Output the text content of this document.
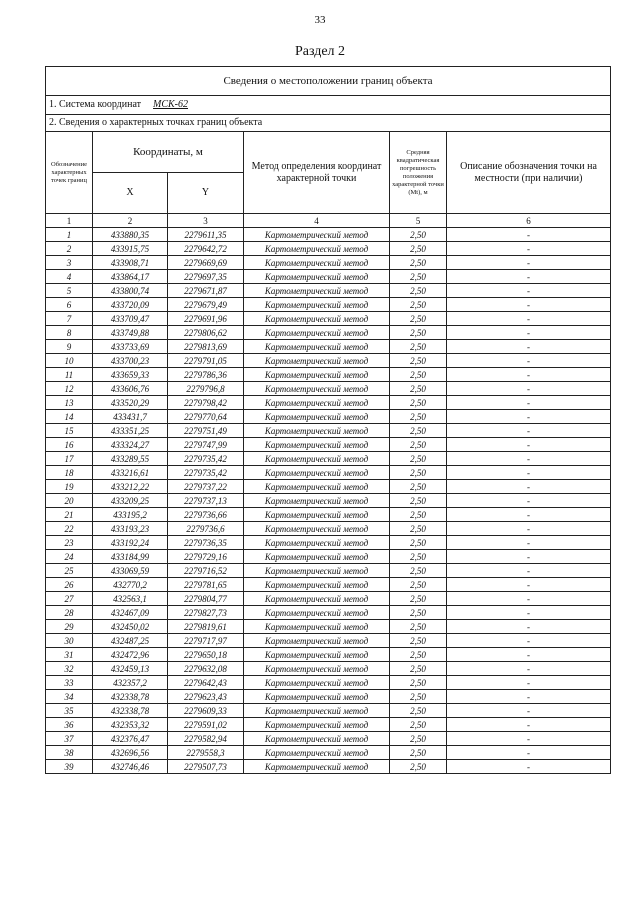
33
Раздел 2
Сведения о местоположении границ объекта					
1. Система координат МСК-62					
2. Сведения о характерных точках границ объекта					
Обозначение характерных точек границ	Координаты, м		Метод определения координат характерной точки	Средняя квадратическая погрешность положения характерной точки (Mt), м	Описание обозначения точки на местности (при наличии)
	X	Y			
1	2	3	4	5	6
1	433880,35	2279611,35	Картометрический метод	2,50	-
2	433915,75	2279642,72	Картометрический метод	2,50	-
3	433908,71	2279669,69	Картометрический метод	2,50	-
4	433864,17	2279697,35	Картометрический метод	2,50	-
5	433800,74	2279671,87	Картометрический метод	2,50	-
6	433720,09	2279679,49	Картометрический метод	2,50	-
7	433709,47	2279691,96	Картометрический метод	2,50	-
8	433749,88	2279806,62	Картометрический метод	2,50	-
9	433733,69	2279813,69	Картометрический метод	2,50	-
10	433700,23	2279791,05	Картометрический метод	2,50	-
11	433659,33	2279786,36	Картометрический метод	2,50	-
12	433606,76	2279796,8	Картометрический метод	2,50	-
13	433520,29	2279798,42	Картометрический метод	2,50	-
14	433431,7	2279770,64	Картометрический метод	2,50	-
15	433351,25	2279751,49	Картометрический метод	2,50	-
16	433324,27	2279747,99	Картометрический метод	2,50	-
17	433289,55	2279735,42	Картометрический метод	2,50	-
18	433216,61	2279735,42	Картометрический метод	2,50	-
19	433212,22	2279737,22	Картометрический метод	2,50	-
20	433209,25	2279737,13	Картометрический метод	2,50	-
21	433195,2	2279736,66	Картометрический метод	2,50	-
22	433193,23	2279736,6	Картометрический метод	2,50	-
23	433192,24	2279736,35	Картометрический метод	2,50	-
24	433184,99	2279729,16	Картометрический метод	2,50	-
25	433069,59	2279716,52	Картометрический метод	2,50	-
26	432770,2	2279781,65	Картометрический метод	2,50	-
27	432563,1	2279804,77	Картометрический метод	2,50	-
28	432467,09	2279827,73	Картометрический метод	2,50	-
29	432450,02	2279819,61	Картометрический метод	2,50	-
30	432487,25	2279717,97	Картометрический метод	2,50	-
31	432472,96	2279650,18	Картометрический метод	2,50	-
32	432459,13	2279632,08	Картометрический метод	2,50	-
33	432357,2	2279642,43	Картометрический метод	2,50	-
34	432338,78	2279623,43	Картометрический метод	2,50	-
35	432338,78	2279609,33	Картометрический метод	2,50	-
36	432353,32	2279591,02	Картометрический метод	2,50	-
37	432376,47	2279582,94	Картометрический метод	2,50	-
38	432696,56	2279558,3	Картометрический метод	2,50	-
39	432746,46	2279507,73	Картометрический метод	2,50	-
